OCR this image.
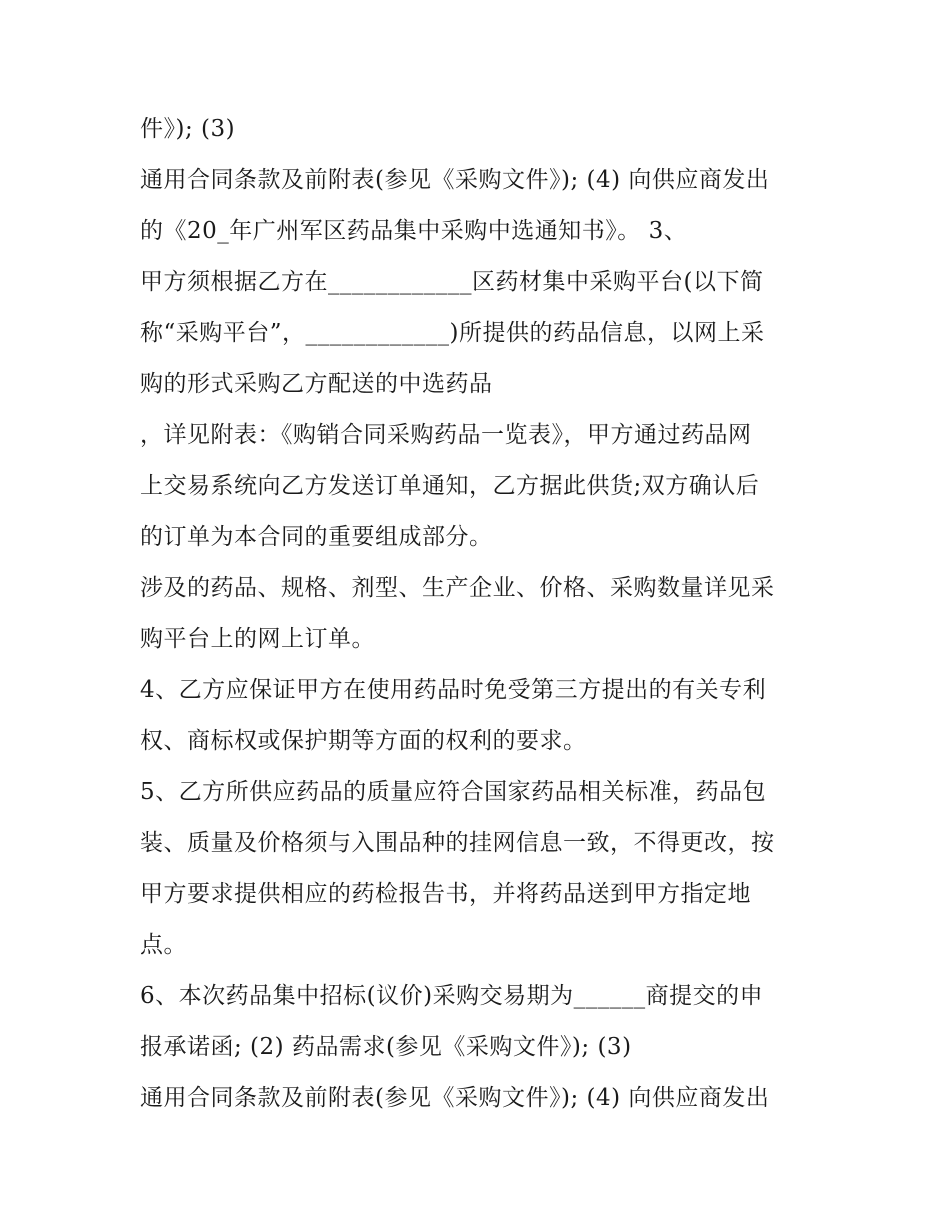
件》); (3)
通用合同条款及前附表(参见《采购文件》); (4) 向供应商发出
的《20_年广州军区药品集中采购中选通知书》。 3、
甲方须根据乙方在____________区药材集中采购平台(以下简
称“采购平台”，____________)所提供的药品信息，以网上采
购的形式采购乙方配送的中选药品
，详见附表：《购销合同采购药品一览表》，甲方通过药品网
上交易系统向乙方发送订单通知，乙方据此供货;双方确认后
的订单为本合同的重要组成部分。
涉及的药品、规格、剂型、生产企业、价格、采购数量详见采
购平台上的网上订单。
4、乙方应保证甲方在使用药品时免受第三方提出的有关专利
权、商标权或保护期等方面的权利的要求。
5、乙方所供应药品的质量应符合国家药品相关标准，药品包
装、质量及价格须与入围品种的挂网信息一致，不得更改，按
甲方要求提供相应的药检报告书，并将药品送到甲方指定地
点。
6、本次药品集中招标(议价)采购交易期为______商提交的申
报承诺函; (2) 药品需求(参见《采购文件》); (3)
通用合同条款及前附表(参见《采购文件》); (4) 向供应商发出
